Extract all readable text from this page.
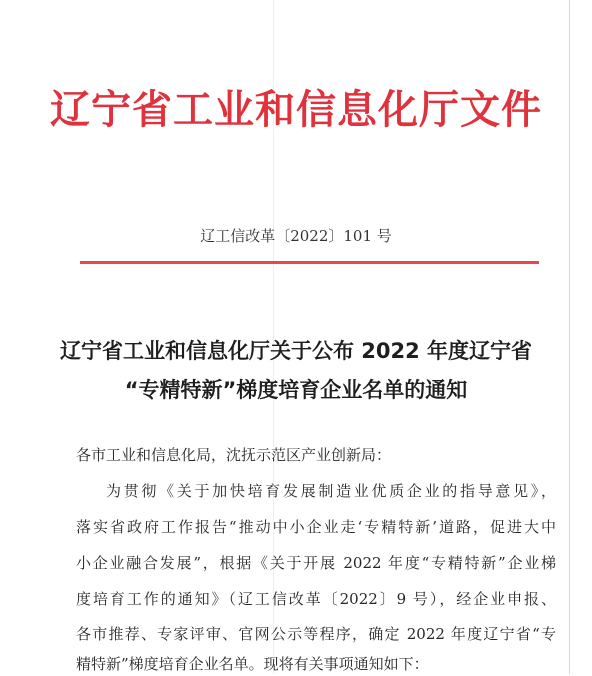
辽宁省工业和信息化厅文件
辽工信改革〔2022〕101 号
辽宁省工业和信息化厅关于公布 2022 年度辽宁省
“专精特新”梯度培育企业名单的通知
各市工业和信息化局，沈抚示范区产业创新局：
为贯彻《关于加快培育发展制造业优质企业的指导意见》，
落实省政府工作报告“推动中小企业走‘专精特新’道路，促进大中
小企业融合发展”，根据《关于开展 2022 年度“专精特新”企业梯
度培育工作的通知》（辽工信改革〔2022〕9 号），经企业申报、
各市推荐、专家评审、官网公示等程序，确定 2022 年度辽宁省“专
精特新”梯度培育企业名单。现将有关事项通知如下：
